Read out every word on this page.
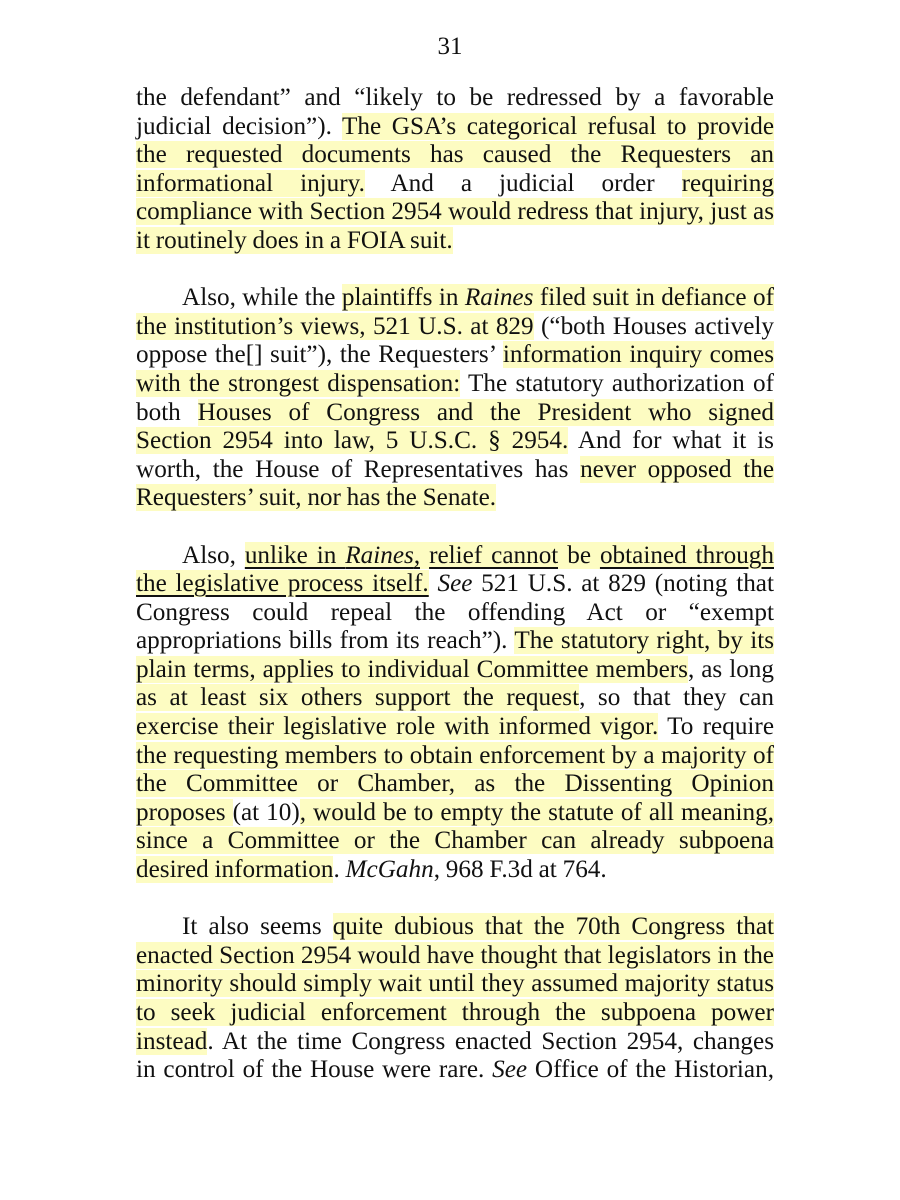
31
the defendant” and “likely to be redressed by a favorable
judicial decision”). The GSA’s categorical refusal to provide
the requested documents has caused the Requesters an
informational injury. And a judicial order requiring
compliance with Section 2954 would redress that injury, just as
it routinely does in a FOIA suit.
Also, while the plaintiffs in Raines filed suit in defiance of
the institution’s views, 521 U.S. at 829 (“both Houses actively
oppose the[] suit”), the Requesters’ information inquiry comes
with the strongest dispensation: The statutory authorization of
both Houses of Congress and the President who signed
Section 2954 into law, 5 U.S.C. § 2954. And for what it is
worth, the House of Representatives has never opposed the
Requesters’ suit, nor has the Senate.
Also, unlike in Raines, relief cannot be obtained through
the legislative process itself. See 521 U.S. at 829 (noting that
Congress could repeal the offending Act or “exempt
appropriations bills from its reach”). The statutory right, by its
plain terms, applies to individual Committee members, as long
as at least six others support the request, so that they can
exercise their legislative role with informed vigor. To require
the requesting members to obtain enforcement by a majority of
the Committee or Chamber, as the Dissenting Opinion
proposes (at 10), would be to empty the statute of all meaning,
since a Committee or the Chamber can already subpoena
desired information. McGahn, 968 F.3d at 764.
It also seems quite dubious that the 70th Congress that
enacted Section 2954 would have thought that legislators in the
minority should simply wait until they assumed majority status
to seek judicial enforcement through the subpoena power
instead. At the time Congress enacted Section 2954, changes
in control of the House were rare. See Office of the Historian,
